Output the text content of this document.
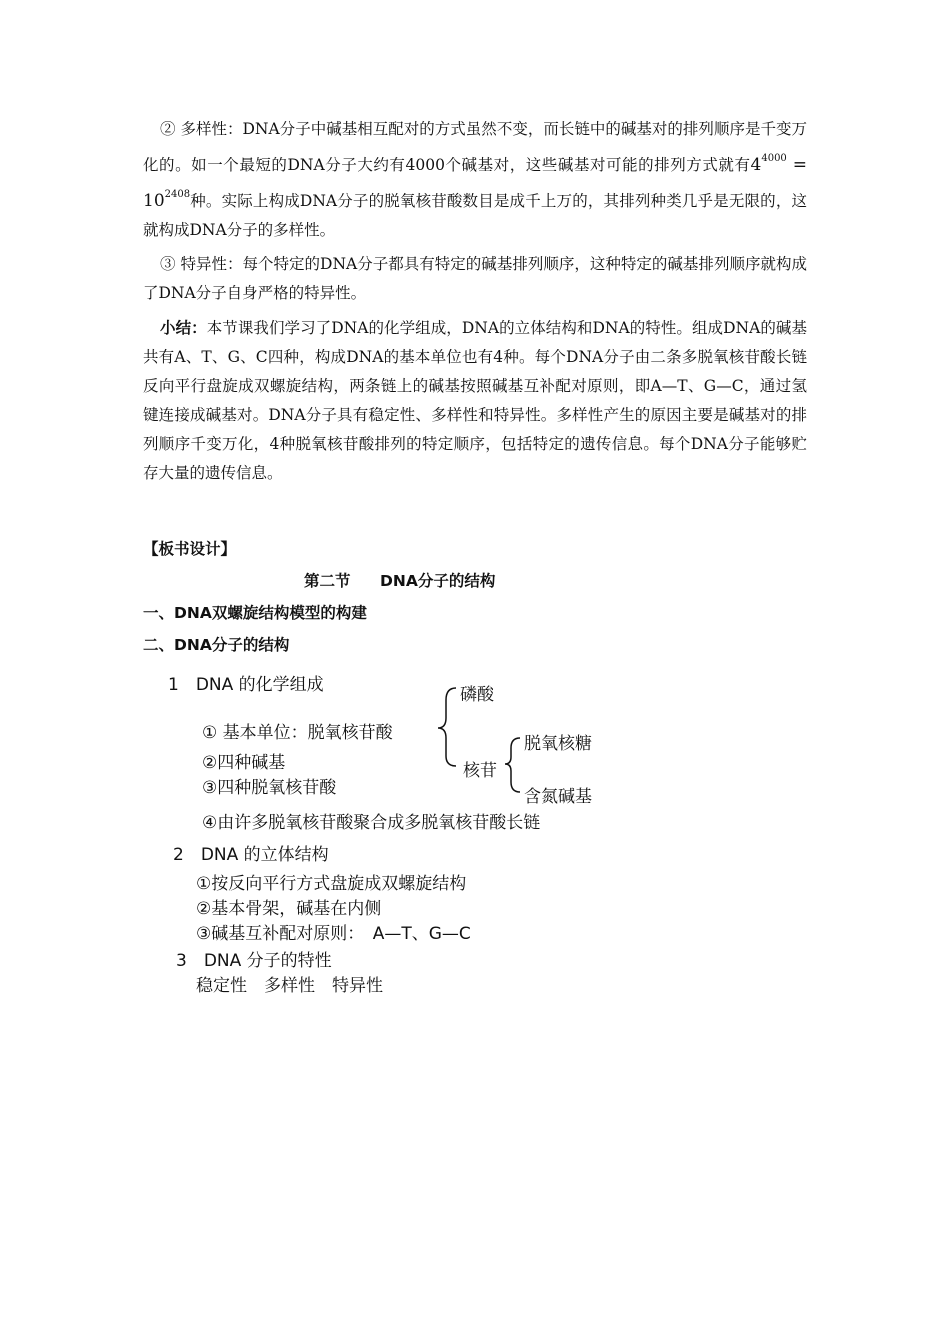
② 多样性：DNA分子中碱基相互配对的方式虽然不变，而长链中的碱基对的排列顺序是千变万化的。如一个最短的DNA分子大约有4000个碱基对，这些碱基对可能的排列方式就有$4^{4000} = 10^{2408}$种。实际上构成DNA分子的脱氧核苷酸数目是成千上万的，其排列种类几乎是无限的，这就构成DNA分子的多样性。
③ 特异性：每个特定的DNA分子都具有特定的碱基排列顺序，这种特定的碱基排列顺序就构成了DNA分子自身严格的特异性。
小结：本节课我们学习了DNA的化学组成，DNA的立体结构和DNA的特性。组成DNA的碱基共有A、T、G、C四种，构成DNA的基本单位也有4种。每个DNA分子由二条多脱氧核苷酸长链反向平行盘旋成双螺旋结构，两条链上的碱基按照碱基互补配对原则，即A—T、G—C，通过氢键连接成碱基对。DNA分子具有稳定性、多样性和特异性。多样性产生的原因主要是碱基对的排列顺序千变万化，4种脱氧核苷酸排列的特定顺序，包括特定的遗传信息。每个DNA分子能够贮存大量的遗传信息。
【板书设计】
第二节 DNA分子的结构
一、DNA双螺旋结构模型的构建
二、DNA分子的结构
1　DNA 的化学组成
① 基本单位：脱氧核苷酸
②四种碱基
③四种脱氧核苷酸
④由许多脱氧核苷酸聚合成多脱氧核苷酸长链
磷酸
核苷
脱氧核糖
含氮碱基
2　DNA 的立体结构
①按反向平行方式盘旋成双螺旋结构
②基本骨架，碱基在内侧
③碱基互补配对原则：　A—T、G—C
3　DNA 分子的特性
稳定性　多样性　特异性
